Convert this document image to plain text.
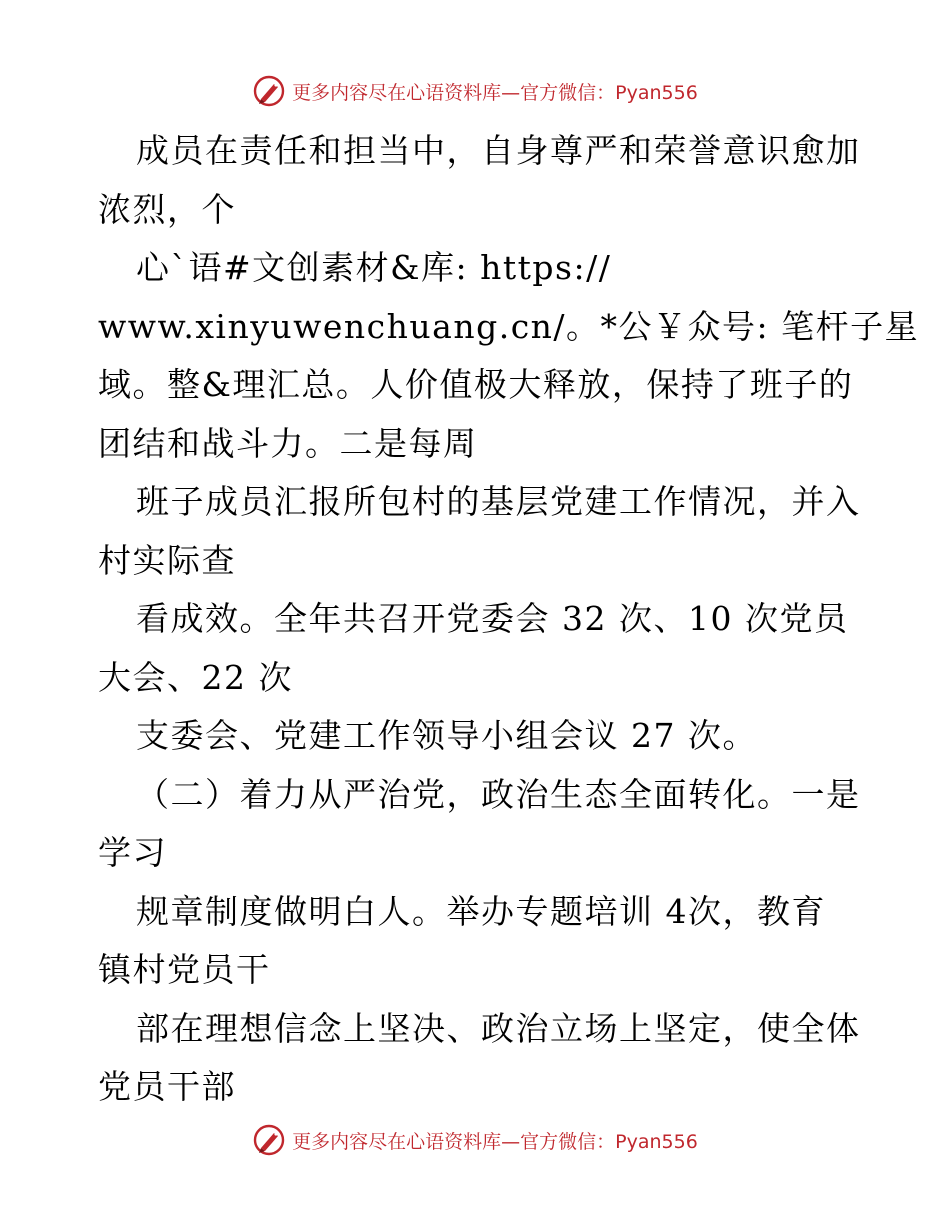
更多内容尽在心语资料库—官方微信：Pyan556
成员在责任和担当中，自身尊严和荣誉意识愈加
浓烈，个
心`语#文创素材&库: https://
www.xinyuwenchuang.cn/。*公￥众号: 笔杆子星
域。整&理汇总。人价值极大释放，保持了班子的
团结和战斗力。二是每周
班子成员汇报所包村的基层党建工作情况，并入
村实际查
看成效。全年共召开党委会 32 次、10 次党员
大会、22 次
支委会、党建工作领导小组会议 27 次。
（二）着力从严治党，政治生态全面转化。一是
学习
规章制度做明白人。举办专题培训 4次，教育
镇村党员干
部在理想信念上坚决、政治立场上坚定，使全体
党员干部
更多内容尽在心语资料库—官方微信：Pyan556
